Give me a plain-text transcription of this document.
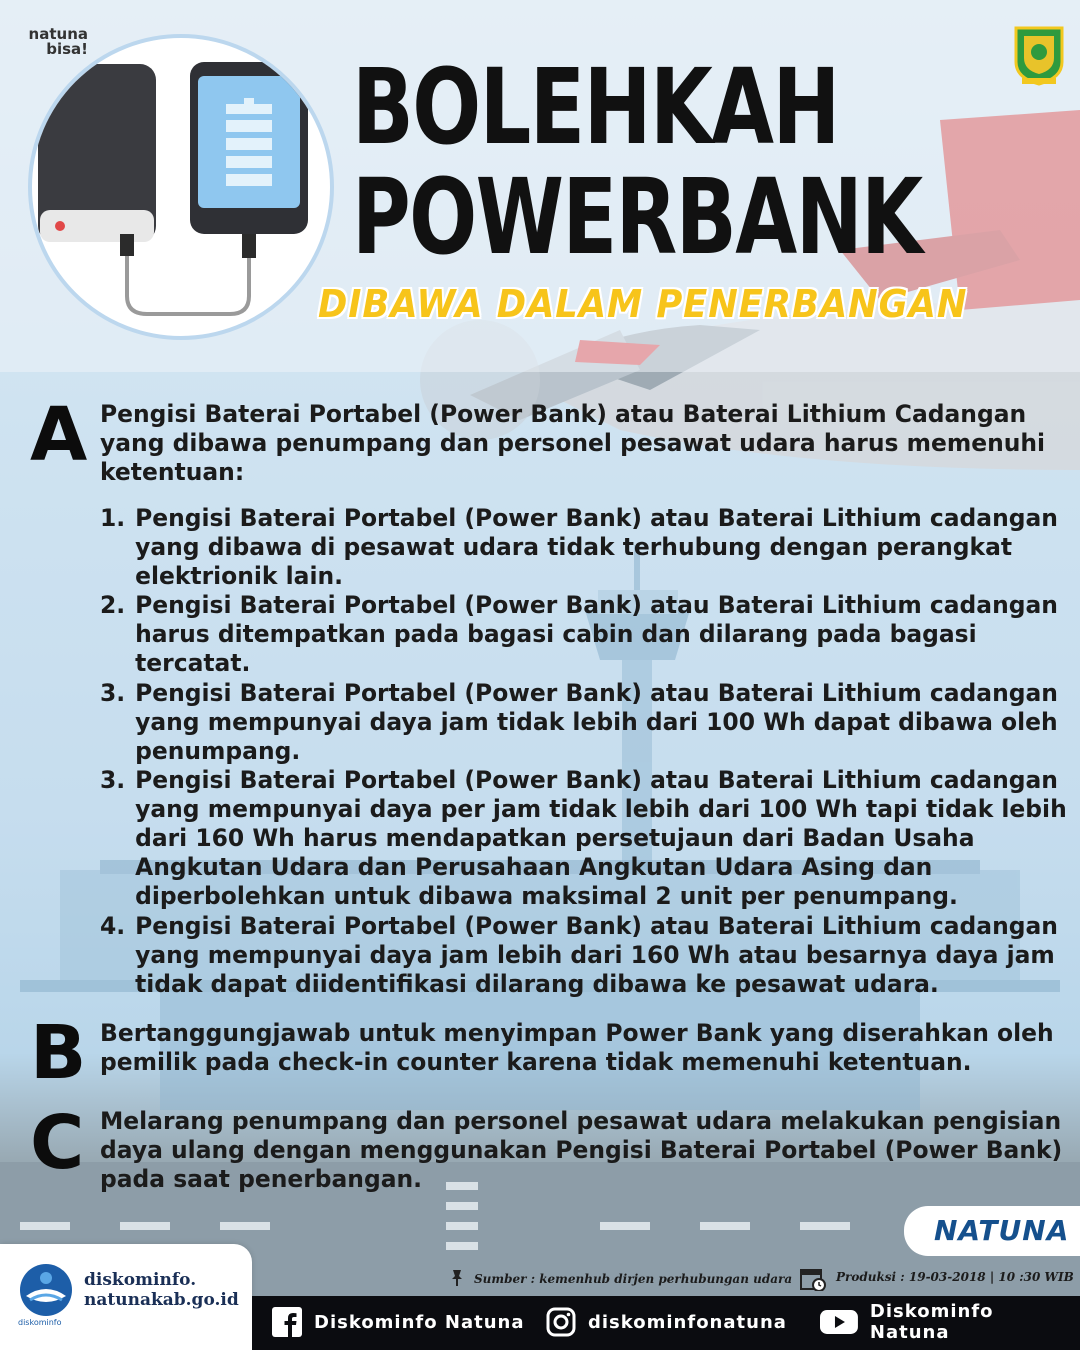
natuna bisa!	BOLEHKAH
POWERBANK
DIBAWA DALAM PENERBANGAN
A Pengisi Baterai Portabel (Power Bank) atau Baterai Lithium Cadangan
yang dibawa penumpang dan personel pesawat udara harus memenuhi
ketentuan:
1. Pengisi Baterai Portabel (Power Bank) atau Baterai Lithium cadangan
yang dibawa di pesawat udara tidak terhubung dengan perangkat
elektrionik lain.
2. Pengisi Baterai Portabel (Power Bank) atau Baterai Lithium cadangan
harus ditempatkan pada bagasi cabin dan dilarang pada bagasi
tercatat.
3. Pengisi Baterai Portabel (Power Bank) atau Baterai Lithium cadangan
yang mempunyai daya jam tidak lebih dari 100 Wh dapat dibawa oleh
penumpang.
3. Pengisi Baterai Portabel (Power Bank) atau Baterai Lithium cadangan
yang mempunyai daya per jam tidak lebih dari 100 Wh tapi tidak lebih
dari 160 Wh harus mendapatkan persetujaun dari Badan Usaha
Angkutan Udara dan Perusahaan Angkutan Udara Asing dan
diperbolehkan untuk dibawa maksimal 2 unit per penumpang.
4. Pengisi Baterai Portabel (Power Bank) atau Baterai Lithium cadangan
yang mempunyai daya jam lebih dari 160 Wh atau besarnya daya jam
tidak dapat diidentifikasi dilarang dibawa ke pesawat udara.
B Bertanggungjawab untuk menyimpan Power Bank yang diserahkan oleh
pemilik pada check-in counter karena tidak memenuhi ketentuan.
C Melarang penumpang dan personel pesawat udara melakukan pengisian
daya ulang dengan menggunakan Pengisi Baterai Portabel (Power Bank)
pada saat penerbangan.
NATUNA
diskominfo
diskominfo.
natunakab.go.id
Sumber : kemenhub dirjen perhubungan udara	Produksi : 19-03-2018 | 10 :30 WIB
Diskominfo Natuna	diskominfonatuna	Diskominfo Natuna
